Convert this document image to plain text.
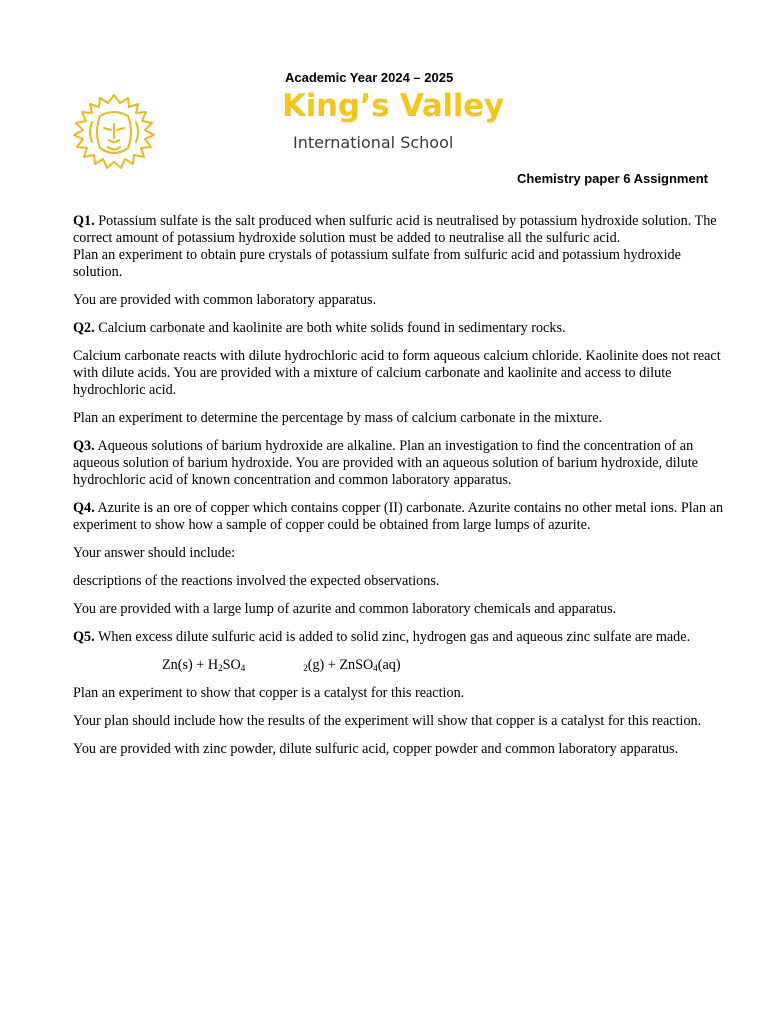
Academic Year 2024 – 2025
King’s Valley
International School
Chemistry paper 6 Assignment

Q1. Potassium sulfate is the salt produced when sulfuric acid is neutralised by potassium hydroxide solution. The correct amount of potassium hydroxide solution must be added to neutralise all the sulfuric acid.

Plan an experiment to obtain pure crystals of potassium sulfate from sulfuric acid and potassium hydroxide solution.

You are provided with common laboratory apparatus.

Q2. Calcium carbonate and kaolinite are both white solids found in sedimentary rocks.

Calcium carbonate reacts with dilute hydrochloric acid to form aqueous calcium chloride. Kaolinite does not react with dilute acids. You are provided with a mixture of calcium carbonate and kaolinite and access to dilute hydrochloric acid.

Plan an experiment to determine the percentage by mass of calcium carbonate in the mixture.

Q3. Aqueous solutions of barium hydroxide are alkaline. Plan an investigation to find the concentration of an aqueous solution of barium hydroxide. You are provided with an aqueous solution of barium hydroxide, dilute hydrochloric acid of known concentration and common laboratory apparatus.

Q4. Azurite is an ore of copper which contains copper (II) carbonate. Azurite contains no other metal ions. Plan an experiment to show how a sample of copper could be obtained from large lumps of azurite.

Your answer should include:

descriptions of the reactions involved the expected observations.

You are provided with a large lump of azurite and common laboratory chemicals and apparatus.

Q5. When excess dilute sulfuric acid is added to solid zinc, hydrogen gas and aqueous zinc sulfate are made.

$Zn(s) + H_2SO_4$	$_2$(g) + ZnSO$_4$(aq)

Plan an experiment to show that copper is a catalyst for this reaction.

Your plan should include how the results of the experiment will show that copper is a catalyst for this reaction.

You are provided with zinc powder, dilute sulfuric acid, copper powder and common laboratory apparatus.
